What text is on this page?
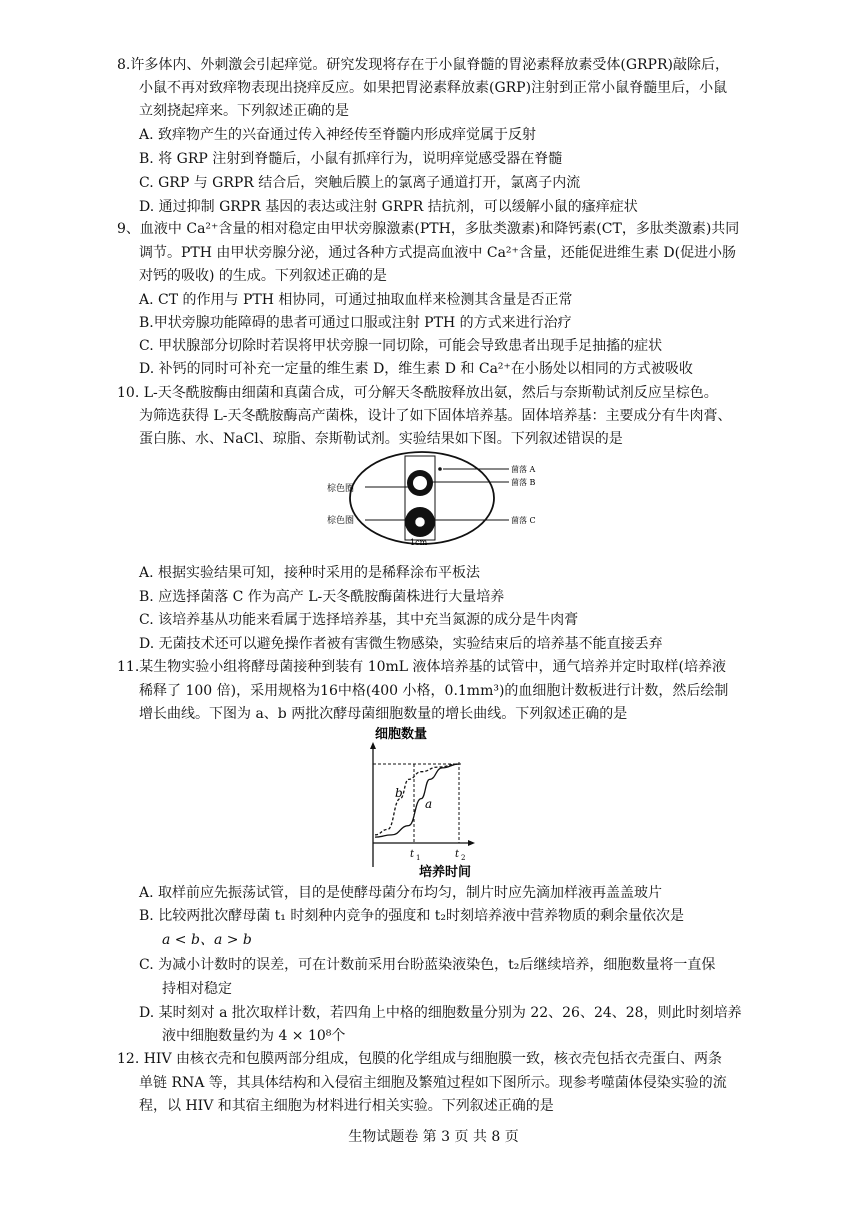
8.许多体内、外刺激会引起痒觉。研究发现将存在于小鼠脊髓的胃泌素释放素受体(GRPR)敲除后，
小鼠不再对致痒物表现出挠痒反应。如果把胃泌素释放素(GRP)注射到正常小鼠脊髓里后，小鼠
立刻挠起痒来。下列叙述正确的是
A. 致痒物产生的兴奋通过传入神经传至脊髓内形成痒觉属于反射
B. 将 GRP 注射到脊髓后，小鼠有抓痒行为，说明痒觉感受器在脊髓
C. GRP 与 GRPR 结合后，突触后膜上的氯离子通道打开，氯离子内流
D. 通过抑制 GRPR 基因的表达或注射 GRPR 拮抗剂，可以缓解小鼠的瘙痒症状
9、血液中 Ca²⁺含量的相对稳定由甲状旁腺激素(PTH，多肽类激素)和降钙素(CT，多肽类激素)共同
调节。PTH 由甲状旁腺分泌，通过各种方式提高血液中 Ca²⁺含量，还能促进维生素 D(促进小肠
对钙的吸收) 的生成。下列叙述正确的是
A. CT 的作用与 PTH 相协同，可通过抽取血样来检测其含量是否正常
B.甲状旁腺功能障碍的患者可通过口服或注射 PTH 的方式来进行治疗
C. 甲状腺部分切除时若误将甲状旁腺一同切除，可能会导致患者出现手足抽搐的症状
D. 补钙的同时可补充一定量的维生素 D，维生素 D 和 Ca²⁺在小肠处以相同的方式被吸收
10. L-天冬酰胺酶由细菌和真菌合成，可分解天冬酰胺释放出氨，然后与奈斯勒试剂反应呈棕色。
为筛选获得 L-天冬酰胺酶高产菌株，设计了如下固体培养基。固体培养基：主要成分有牛肉膏、
蛋白胨、水、NaCl、琼脂、奈斯勒试剂。实验结果如下图。下列叙述错误的是
棕色圈
棕色圈
菌落 A
菌落 B
菌落 C
1cm
A. 根据实验结果可知，接种时采用的是稀释涂布平板法
B. 应选择菌落 C 作为高产 L-天冬酰胺酶菌株进行大量培养
C. 该培养基从功能来看属于选择培养基，其中充当氮源的成分是牛肉膏
D. 无菌技术还可以避免操作者被有害微生物感染，实验结束后的培养基不能直接丢弃
11.某生物实验小组将酵母菌接种到装有 10mL 液体培养基的试管中，通气培养并定时取样(培养液
稀释了 100 倍)，采用规格为16中格(400 小格，0.1mm³)的血细胞计数板进行计数，然后绘制
增长曲线。下图为 a、b 两批次酵母菌细胞数量的增长曲线。下列叙述正确的是
细胞数量
b
a
t 1	t 2
培养时间
A. 取样前应先振荡试管，目的是使酵母菌分布均匀，制片时应先滴加样液再盖盖玻片
B. 比较两批次酵母菌 t₁ 时刻种内竞争的强度和 t₂时刻培养液中营养物质的剩余量依次是
a < b、a > b
C. 为减小计数时的误差，可在计数前采用台盼蓝染液染色，t₂后继续培养，细胞数量将一直保
持相对稳定
D. 某时刻对 a 批次取样计数，若四角上中格的细胞数量分别为 22、26、24、28，则此时刻培养
液中细胞数量约为 4 × 10⁸个
12. HIV 由核衣壳和包膜两部分组成，包膜的化学组成与细胞膜一致，核衣壳包括衣壳蛋白、两条
单链 RNA 等，其具体结构和入侵宿主细胞及繁殖过程如下图所示。现参考噬菌体侵染实验的流
程，以 HIV 和其宿主细胞为材料进行相关实验。下列叙述正确的是
生物试题卷 第 3 页 共 8 页
